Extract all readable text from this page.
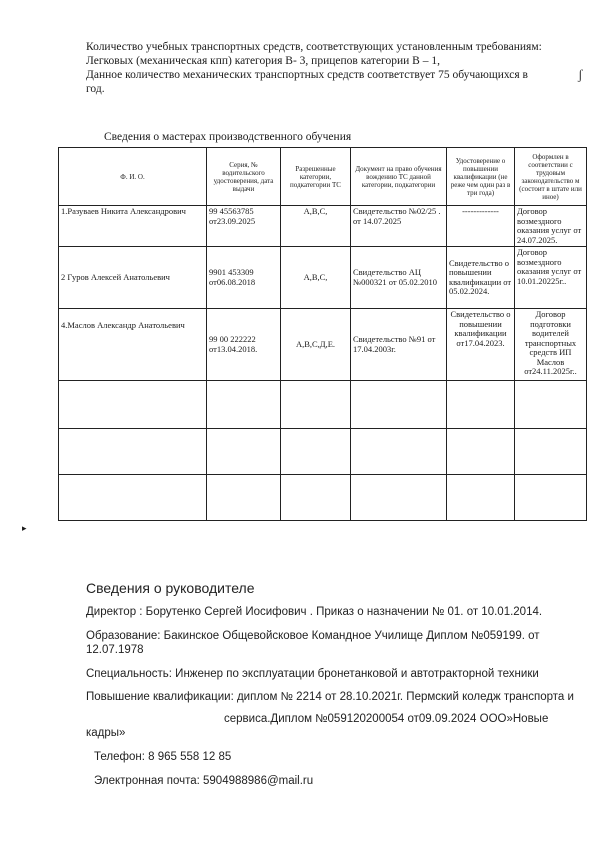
Количество учебных транспортных средств, соответствующих установленным требованиям:
Легковых (механическая кпп) категория В- 3, прицепов категории В – 1,
Данное количество механических транспортных средств соответствует 75 обучающихся в
год.
ʃ
Сведения о мастерах производственного обучения
Ф. И. О.	Серия, № водительского удостоверения, дата выдачи	Разрешенные категории, подкатегории ТС	Документ на право обучения вождению ТС данной категории, подкатегории	Удостоверение о повышении квалификации (не реже чем один раз в три года)	Оформлен в соответствии с трудовым законодательство м (состоит в штате или иное)
1.Разуваев Никита Александрович	99 45563785 от23.09.2025	А,В,С,	Свидетельство №02/25 . от 14.07.2025	-------------	Договор возмездного оказания услуг от 24.07.2025.
2 Гуров Алексей Анатольевич	9901 453309 от06.08.2018	А,В,С,	Свидетельство АЦ №000321 от 05.02.2010	Свидетельство о повышении квалификации от 05.02.2024.	Договор возмездного оказания услуг от 10.01.20225г..
4.Маслов Александр Анатольевич	99 00 222222 от13.04.2018.	А,В,С,Д,Е.	Свидетельство №91 от 17.04.2003г.	Свидетельство о повышении квалификации от17.04.2023.	Договор подготовки водителей транспортных средств ИП Маслов от24.11.2025г..

▸
Сведения о руководителе

Директор : Борутенко Сергей Иосифович . Приказ о назначении № 01. от 10.01.2014.

Образование: Бакинское Общевойсковое Командное Училище Диплом №059199. от

12.07.1978

Специальность: Инженер по эксплуатации бронетанковой и автотракторной техники

Повышение квалификации: диплом № 2214 от 28.10.2021г. Пермский коледж транспорта и

сервиса.Диплом №059120200054 от09.09.2024 ООО»Новые

кадры»

Телефон: 8 965 558 12 85

Электронная почта: 5904988986@mail.ru
